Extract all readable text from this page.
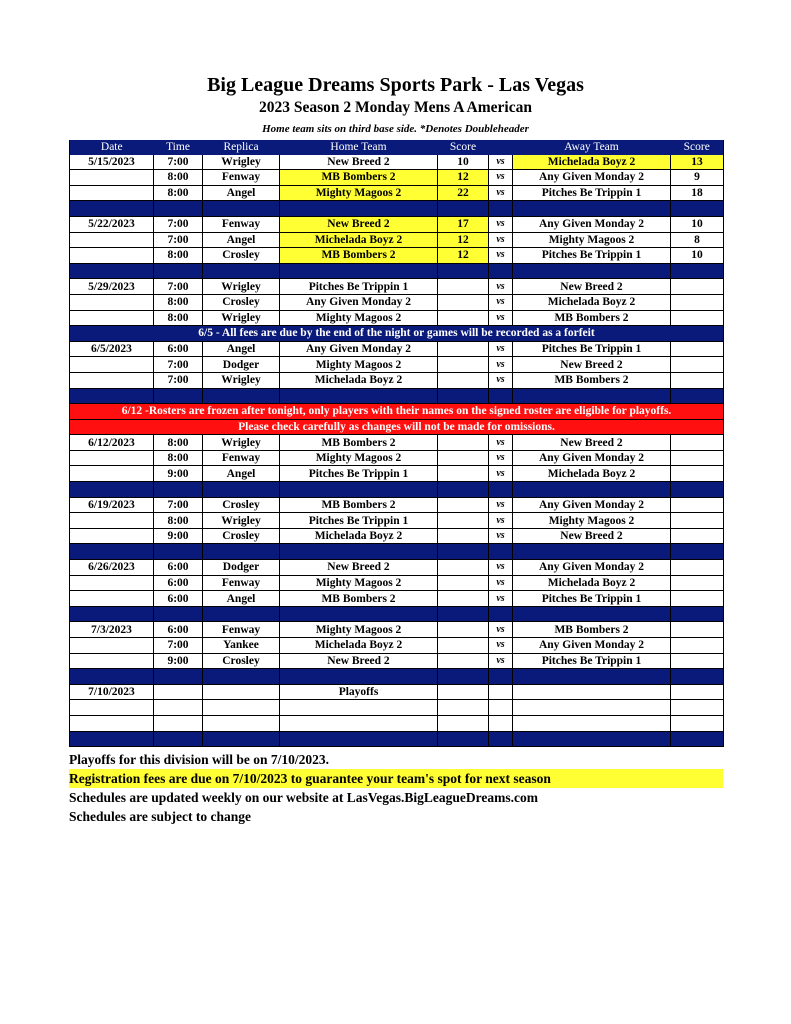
Big League Dreams Sports Park - Las Vegas
2023 Season 2 Monday Mens A American
Home team sits on third base side. *Denotes Doubleheader
Date	Time	Replica	Home Team	Score		Away Team	Score
5/15/2023	7:00	Wrigley	New Breed 2	10	vs	Michelada Boyz 2	13
	8:00	Fenway	MB Bombers 2	12	vs	Any Given Monday 2	9
	8:00	Angel	Mighty Magoos 2	22	vs	Pitches Be Trippin 1	18

5/22/2023	7:00	Fenway	New Breed 2	17	vs	Any Given Monday 2	10
	7:00	Angel	Michelada Boyz 2	12	vs	Mighty Magoos 2	8
	8:00	Crosley	MB Bombers 2	12	vs	Pitches Be Trippin 1	10

5/29/2023	7:00	Wrigley	Pitches Be Trippin 1		vs	New Breed 2	
	8:00	Crosley	Any Given Monday 2		vs	Michelada Boyz 2	
	8:00	Wrigley	Mighty Magoos 2		vs	MB Bombers 2	
6/5 - All fees are due by the end of the night or games will be recorded as a forfeit							
6/5/2023	6:00	Angel	Any Given Monday 2		vs	Pitches Be Trippin 1	
	7:00	Dodger	Mighty Magoos 2		vs	New Breed 2	
	7:00	Wrigley	Michelada Boyz 2		vs	MB Bombers 2	

6/12 -Rosters are frozen after tonight, only players with their names on the signed roster are eligible for playoffs.							
Please check carefully as changes will not be made for omissions.							
6/12/2023	8:00	Wrigley	MB Bombers 2		vs	New Breed 2	
	8:00	Fenway	Mighty Magoos 2		vs	Any Given Monday 2	
	9:00	Angel	Pitches Be Trippin 1		vs	Michelada Boyz 2	

6/19/2023	7:00	Crosley	MB Bombers 2		vs	Any Given Monday 2	
	8:00	Wrigley	Pitches Be Trippin 1		vs	Mighty Magoos 2	
	9:00	Crosley	Michelada Boyz 2		vs	New Breed 2	

6/26/2023	6:00	Dodger	New Breed 2		vs	Any Given Monday 2	
	6:00	Fenway	Mighty Magoos 2		vs	Michelada Boyz 2	
	6:00	Angel	MB Bombers 2		vs	Pitches Be Trippin 1	

7/3/2023	6:00	Fenway	Mighty Magoos 2		vs	MB Bombers 2	
	7:00	Yankee	Michelada Boyz 2		vs	Any Given Monday 2	
	9:00	Crosley	New Breed 2		vs	Pitches Be Trippin 1	

7/10/2023			Playoffs				

Playoffs for this division will be on 7/10/2023.
Registration fees are due on 7/10/2023 to guarantee your team's spot for next season
Schedules are updated weekly on our website at LasVegas.BigLeagueDreams.com
Schedules are subject to change
